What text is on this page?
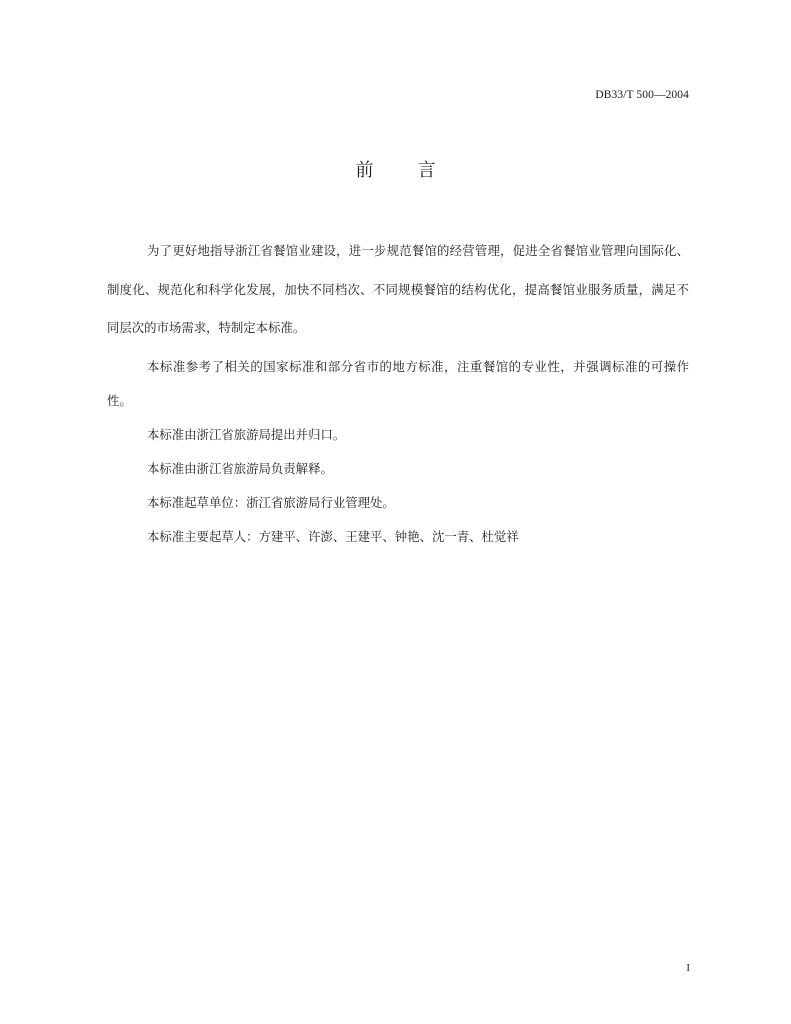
DB33/T 500—2004
前言

为了更好地指导浙江省餐馆业建设，进一步规范餐馆的经营管理，促进全省餐馆业管理向国际化、制度化、规范化和科学化发展，加快不同档次、不同规模餐馆的结构优化，提高餐馆业服务质量，满足不同层次的市场需求，特制定本标准。

本标准参考了相关的国家标准和部分省市的地方标准，注重餐馆的专业性，并强调标准的可操作性。

本标准由浙江省旅游局提出并归口。

本标准由浙江省旅游局负责解释。

本标准起草单位：浙江省旅游局行业管理处。

本标准主要起草人：方建平、许澎、王建平、钟艳、沈一青、杜觉祥

I
